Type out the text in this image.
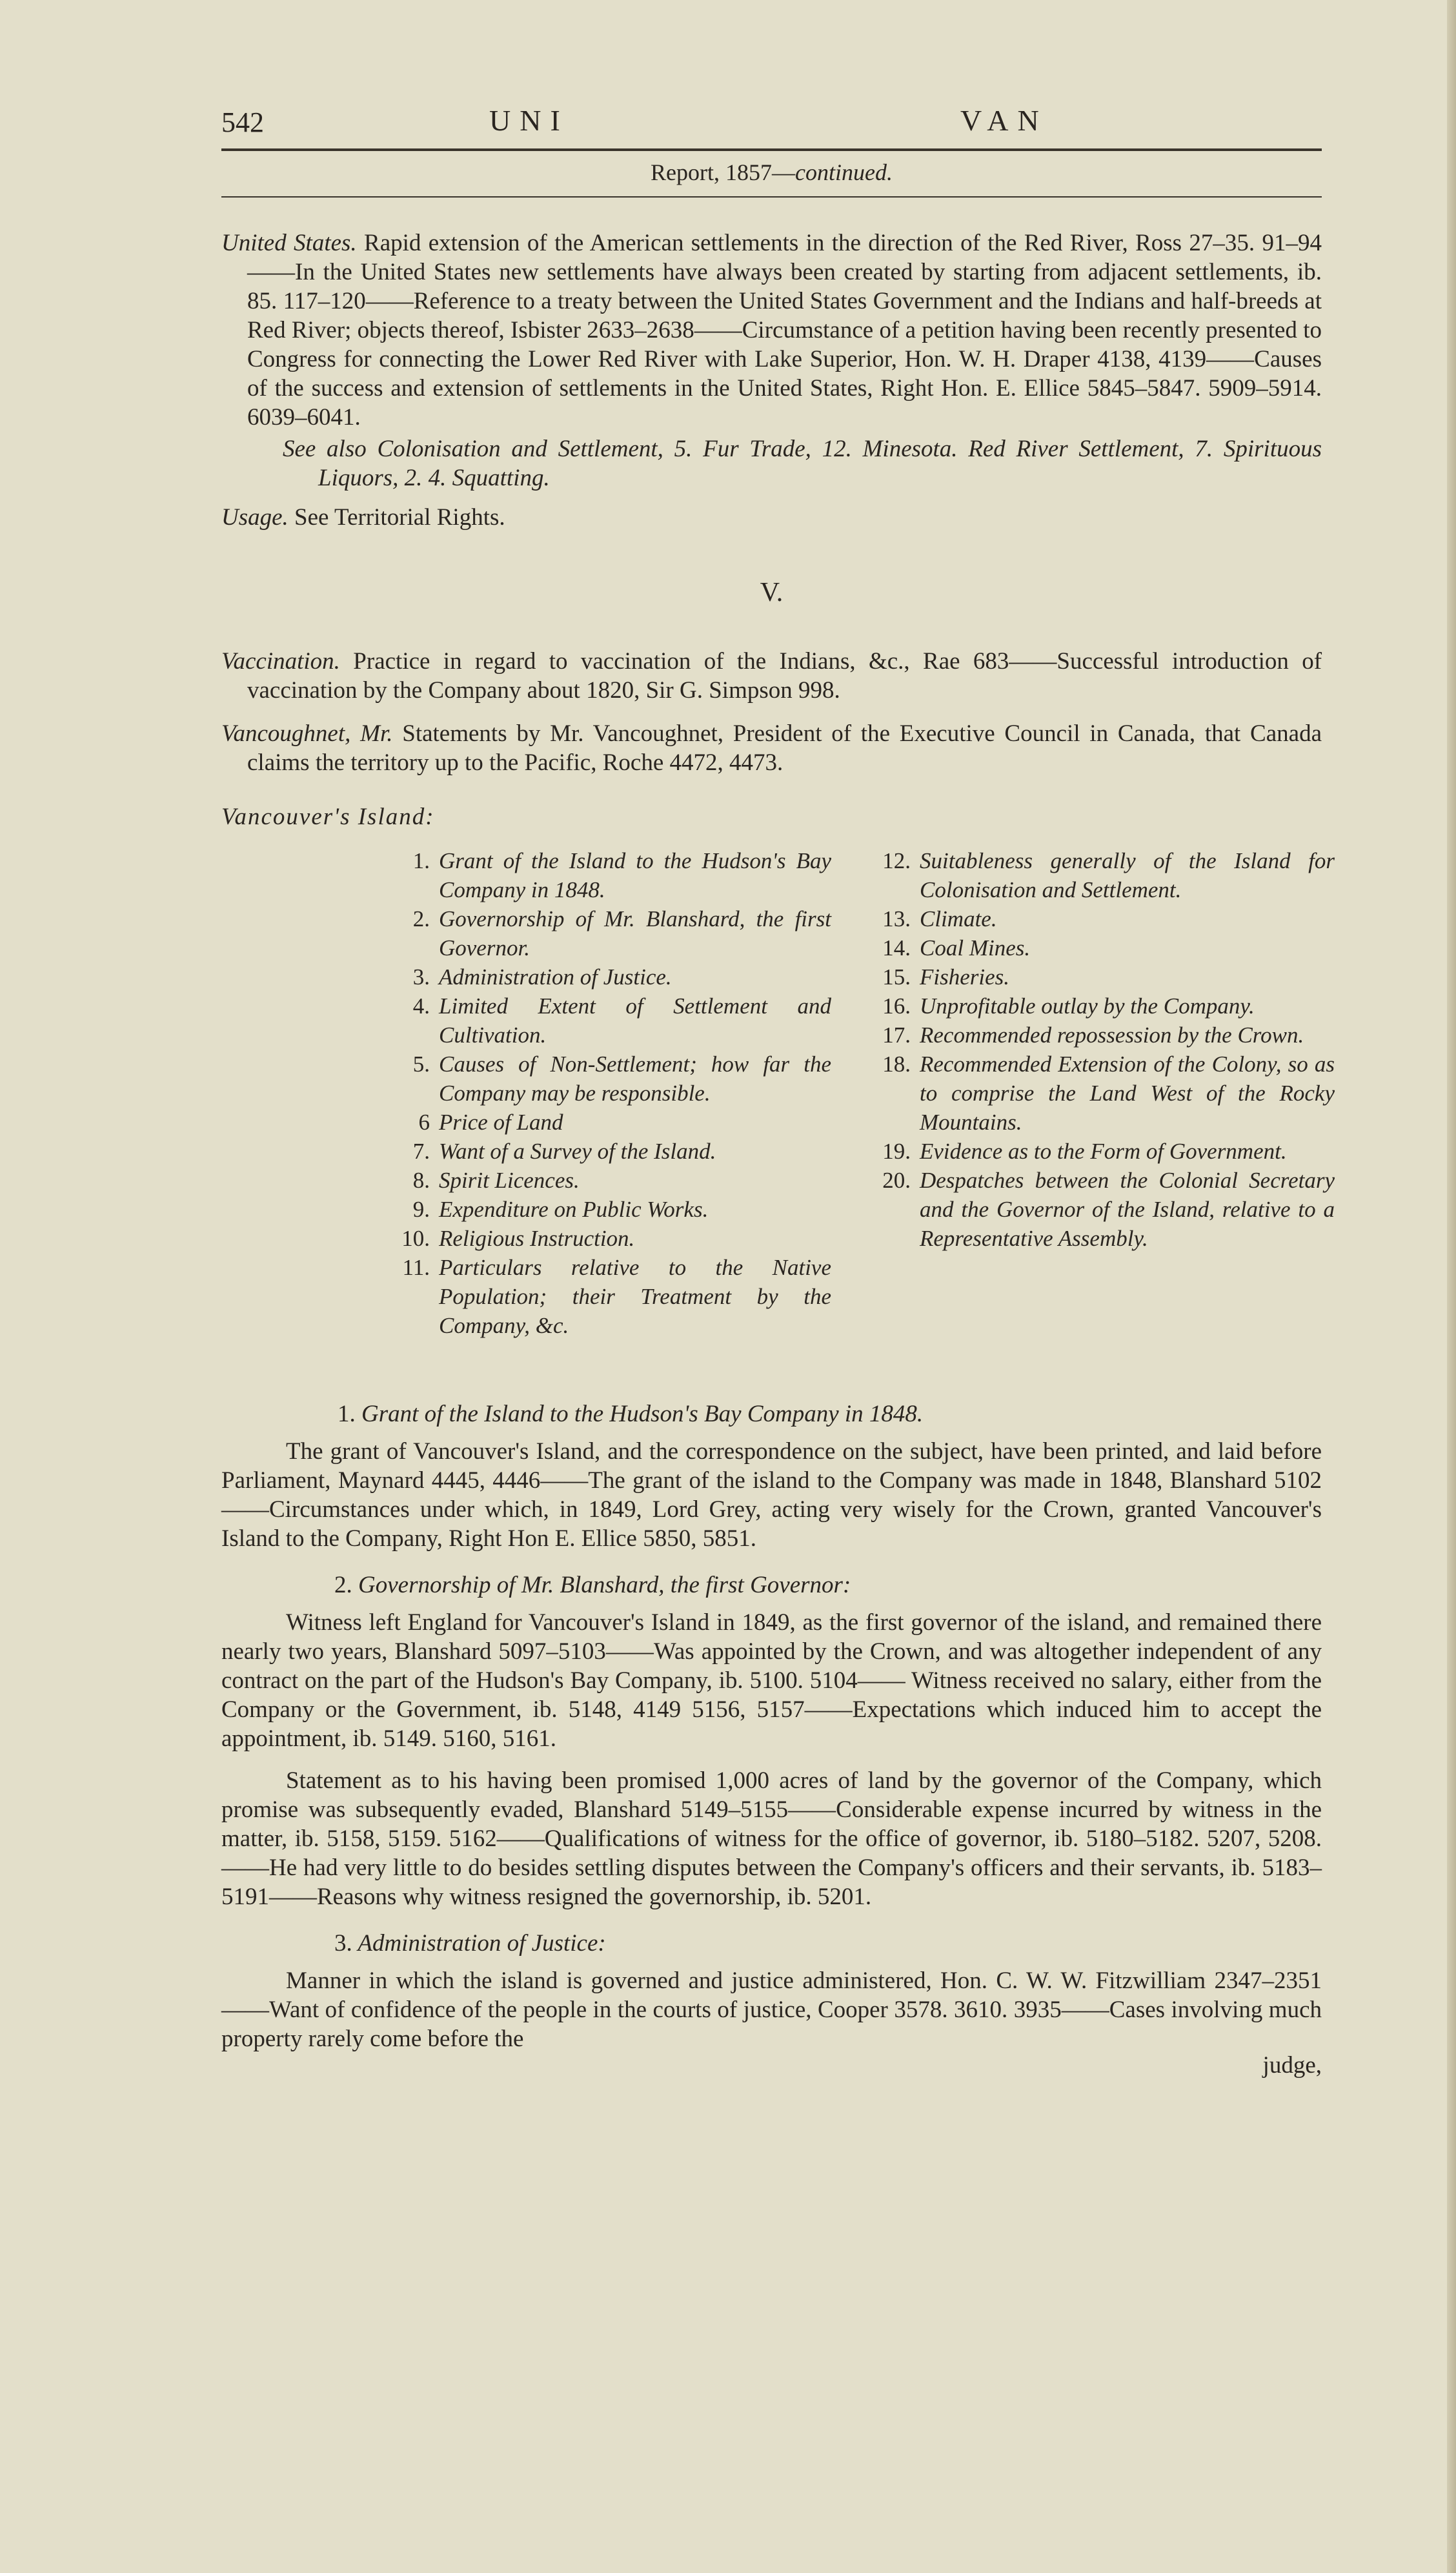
542	UNI	VAN
Report, 1857—continued.
United States. Rapid extension of the American settlements in the direction of the Red River, Ross 27–35. 91–94——In the United States new settlements have always been created by starting from adjacent settlements, ib. 85. 117–120——Reference to a treaty between the United States Government and the Indians and half-breeds at Red River; objects thereof, Isbister 2633–2638——Circumstance of a petition having been recently presented to Congress for connecting the Lower Red River with Lake Superior, Hon. W. H. Draper 4138, 4139——Causes of the success and extension of settlements in the United States, Right Hon. E. Ellice 5845–5847. 5909–5914. 6039–6041.
See also Colonisation and Settlement, 5. Fur Trade, 12. Minesota. Red River Settlement, 7. Spirituous Liquors, 2. 4. Squatting.
Usage. See Territorial Rights.
V.
Vaccination. Practice in regard to vaccination of the Indians, &c., Rae 683——Successful introduction of vaccination by the Company about 1820, Sir G. Simpson 998.
Vancoughnet, Mr. Statements by Mr. Vancoughnet, President of the Executive Council in Canada, that Canada claims the territory up to the Pacific, Roche 4472, 4473.
Vancouver's Island:
1. Grant of the Island to the Hudson's Bay Company in 1848.
2. Governorship of Mr. Blanshard, the first Governor.
3. Administration of Justice.
4. Limited Extent of Settlement and Cultivation.
5. Causes of Non-Settlement; how far the Company may be responsible.
6 Price of Land
7. Want of a Survey of the Island.
8. Spirit Licences.
9. Expenditure on Public Works.
10. Religious Instruction.
11. Particulars relative to the Native Population; their Treatment by the Company, &c.
12. Suitableness generally of the Island for Colonisation and Settlement.
13. Climate.
14. Coal Mines.
15. Fisheries.
16. Unprofitable outlay by the Company.
17. Recommended repossession by the Crown.
18. Recommended Extension of the Colony, so as to comprise the Land West of the Rocky Mountains.
19. Evidence as to the Form of Government.
20. Despatches between the Colonial Secretary and the Governor of the Island, relative to a Representative Assembly.
1. Grant of the Island to the Hudson's Bay Company in 1848.
The grant of Vancouver's Island, and the correspondence on the subject, have been printed, and laid before Parliament, Maynard 4445, 4446——The grant of the island to the Company was made in 1848, Blanshard 5102——Circumstances under which, in 1849, Lord Grey, acting very wisely for the Crown, granted Vancouver's Island to the Company, Right Hon E. Ellice 5850, 5851.
2. Governorship of Mr. Blanshard, the first Governor:
Witness left England for Vancouver's Island in 1849, as the first governor of the island, and remained there nearly two years, Blanshard 5097–5103——Was appointed by the Crown, and was altogether independent of any contract on the part of the Hudson's Bay Company, ib. 5100. 5104—— Witness received no salary, either from the Company or the Government, ib. 5148, 4149 5156, 5157——Expectations which induced him to accept the appointment, ib. 5149. 5160, 5161.
Statement as to his having been promised 1,000 acres of land by the governor of the Company, which promise was subsequently evaded, Blanshard 5149–5155——Considerable expense incurred by witness in the matter, ib. 5158, 5159. 5162——Qualifications of witness for the office of governor, ib. 5180–5182. 5207, 5208.——He had very little to do besides settling disputes between the Company's officers and their servants, ib. 5183–5191——Reasons why witness resigned the governorship, ib. 5201.
3. Administration of Justice:
Manner in which the island is governed and justice administered, Hon. C. W. W. Fitzwilliam 2347–2351——Want of confidence of the people in the courts of justice, Cooper 3578. 3610. 3935——Cases involving much property rarely come before the
judge,
